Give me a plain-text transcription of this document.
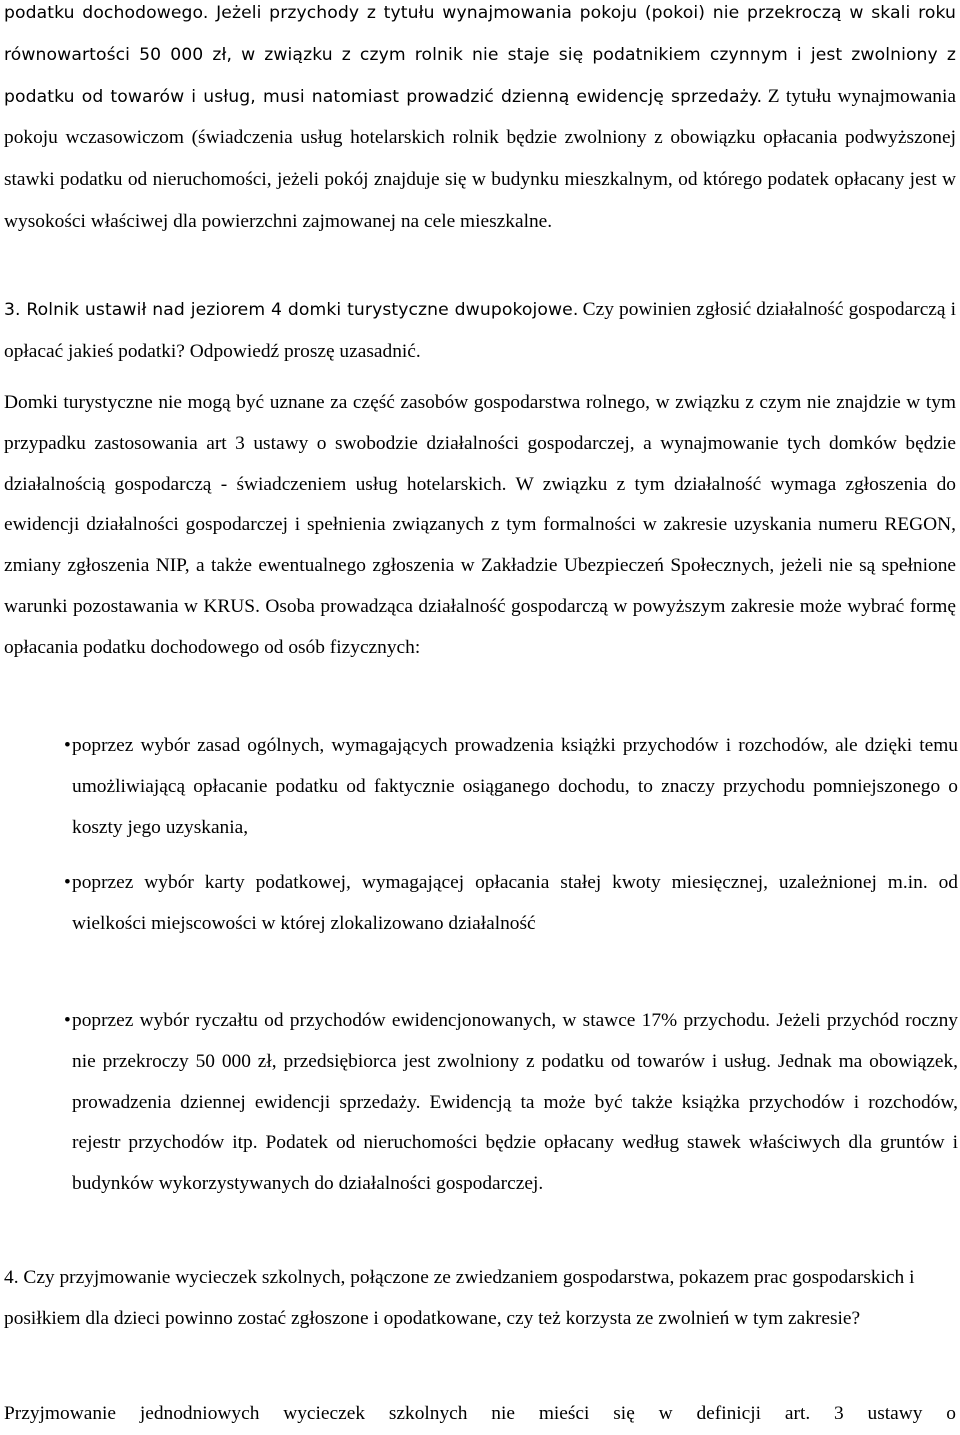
podatku dochodowego. Jeżeli przychody z tytułu wynajmowania pokoju (pokoi) nie przekroczą w skali roku równowartości 50 000 zł, w związku z czym rolnik nie staje się podatnikiem czynnym i jest zwolniony z podatku od towarów i usług, musi natomiast prowadzić dzienną ewidencję sprzedaży. Z tytułu wynajmowania pokoju wczasowiczom (świadczenia usług hotelarskich rolnik będzie zwolniony z obowiązku opłacania podwyższonej stawki podatku od nieruchomości, jeżeli pokój znajduje się w budynku mieszkalnym, od którego podatek opłacany jest w wysokości właściwej dla powierzchni zajmowanej na cele mieszkalne.

3. Rolnik ustawił nad jeziorem 4 domki turystyczne dwupokojowe. Czy powinien zgłosić działalność gospodarczą i opłacać jakieś podatki? Odpowiedź proszę uzasadnić.

Domki turystyczne nie mogą być uznane za część zasobów gospodarstwa rolnego, w związku z czym nie znajdzie w tym przypadku zastosowania art 3 ustawy o swobodzie działalności gospodarczej, a wynajmowanie tych domków będzie działalnością gospodarczą - świadczeniem usług hotelarskich. W związku z tym działalność wymaga zgłoszenia do ewidencji działalności gospodarczej i spełnienia związanych z tym formalności w zakresie uzyskania numeru REGON, zmiany zgłoszenia NIP, a także ewentualnego zgłoszenia w Zakładzie Ubezpieczeń Społecznych, jeżeli nie są spełnione warunki pozostawania w KRUS. Osoba prowadząca działalność gospodarczą w powyższym zakresie może wybrać formę opłacania podatku dochodowego od osób fizycznych:

• poprzez wybór zasad ogólnych, wymagających prowadzenia książki przychodów i rozchodów, ale dzięki temu umożliwiającą opłacanie podatku od faktycznie osiąganego dochodu, to znaczy przychodu pomniejszonego o koszty jego uzyskania,

• poprzez wybór karty podatkowej, wymagającej opłacania stałej kwoty miesięcznej, uzależnionej m.in. od wielkości miejscowości w której zlokalizowano działalność

• poprzez wybór ryczałtu od przychodów ewidencjonowanych, w stawce 17% przychodu. Jeżeli przychód roczny nie przekroczy 50 000 zł, przedsiębiorca jest zwolniony z podatku od towarów i usług. Jednak ma obowiązek, prowadzenia dziennej ewidencji sprzedaży. Ewidencją ta może być także książka przychodów i rozchodów, rejestr przychodów itp. Podatek od nieruchomości będzie opłacany według stawek właściwych dla gruntów i budynków wykorzystywanych do działalności gospodarczej.

4. Czy przyjmowanie wycieczek szkolnych, połączone ze zwiedzaniem gospodarstwa, pokazem prac gospodarskich i posiłkiem dla dzieci powinno zostać zgłoszone i opodatkowane, czy też korzysta ze zwolnień w tym zakresie?

Przyjmowanie jednodniowych wycieczek szkolnych nie mieści się w definicji art. 3 ustawy o
